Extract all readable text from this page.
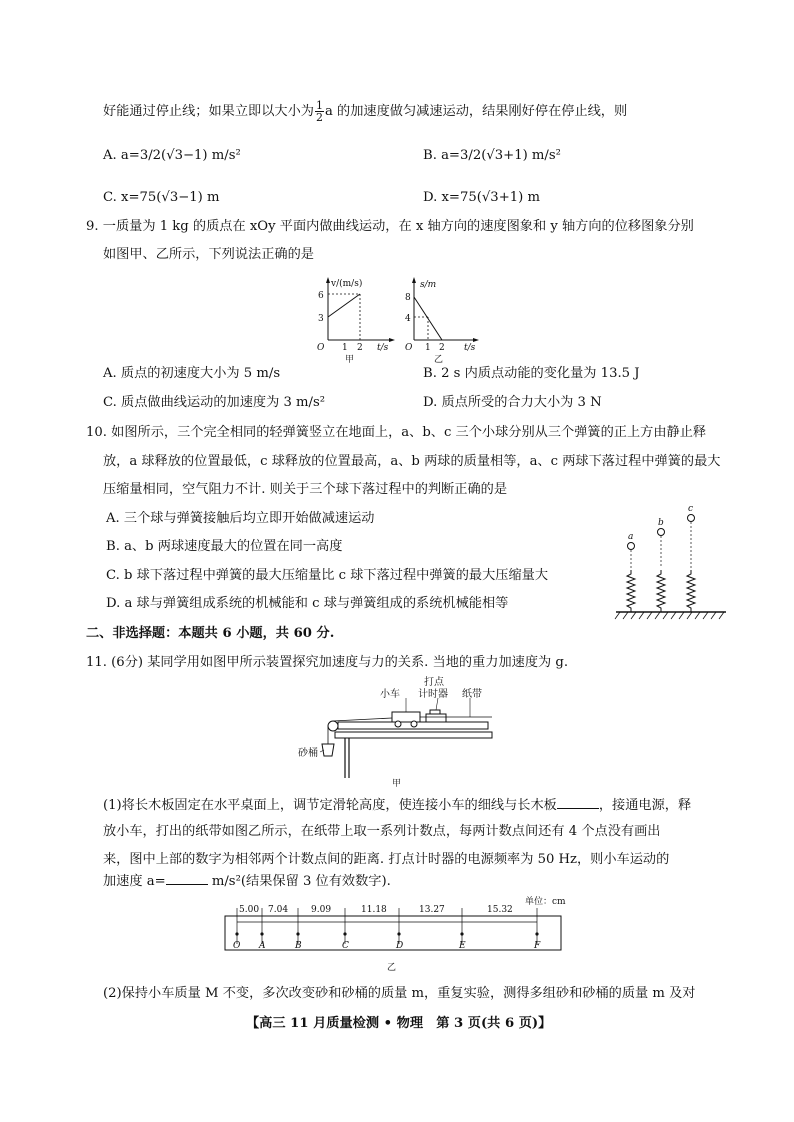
好能通过停止线；如果立即以大小为 $\frac{1}{2}$ a 的加速度做匀减速运动，结果刚好停在停止线，则
A. a=3/2(√3−1) m/s²	B. a=3/2(√3+1) m/s²
C. x=75(√3−1) m	D. x=75(√3+1) m
9. 一质量为 1 kg 的质点在 xOy 平面内做曲线运动，在 x 轴方向的速度图象和 y 轴方向的位移图象分别
如图甲、乙所示，下列说法正确的是
v/(m/s)
6
3
O 1 2 t/s
甲
s/m
8
4
O 1 2 t/s
乙
A. 质点的初速度大小为 5 m/s	B. 2 s 内质点动能的变化量为 13.5 J
C. 质点做曲线运动的加速度为 3 m/s²	D. 质点所受的合力大小为 3 N
10. 如图所示，三个完全相同的轻弹簧竖立在地面上，a、b、c 三个小球分别从三个弹簧的正上方由静止释
放，a 球释放的位置最低，c 球释放的位置最高，a、b 两球的质量相等，a、c 两球下落过程中弹簧的最大
压缩量相同，空气阻力不计. 则关于三个球下落过程中的判断正确的是
A. 三个球与弹簧接触后均立即开始做减速运动
B. a、b 两球速度最大的位置在同一高度
C. b 球下落过程中弹簧的最大压缩量比 c 球下落过程中弹簧的最大压缩量大
D. a 球与弹簧组成系统的机械能和 c 球与弹簧组成的系统机械能相等
a
b
c
二、非选择题：本题共 6 小题，共 60 分.
11. (6分) 某同学用如图甲所示装置探究加速度与力的关系. 当地的重力加速度为 g.
打点
计时器
小车	纸带
砂桶
甲
(1)将长木板固定在水平桌面上，调节定滑轮高度，使连接小车的细线与长木板	，接通电源，释
放小车，打出的纸带如图乙所示，在纸带上取一系列计数点，每两计数点间还有 4 个点没有画出
来，图中上部的数字为相邻两个计数点间的距离. 打点计时器的电源频率为 50 Hz，则小车运动的
加速度 a=	m/s²(结果保留 3 位有效数字).
单位：cm
5.00 7.04	9.09	11.18	13.27	15.32
O A	B	C	D	E	F
乙
(2)保持小车质量 M 不变，多次改变砂和砂桶的质量 m，重复实验，测得多组砂和砂桶的质量 m 及对
【高三 11 月质量检测 • 物理　第 3 页(共 6 页)】
